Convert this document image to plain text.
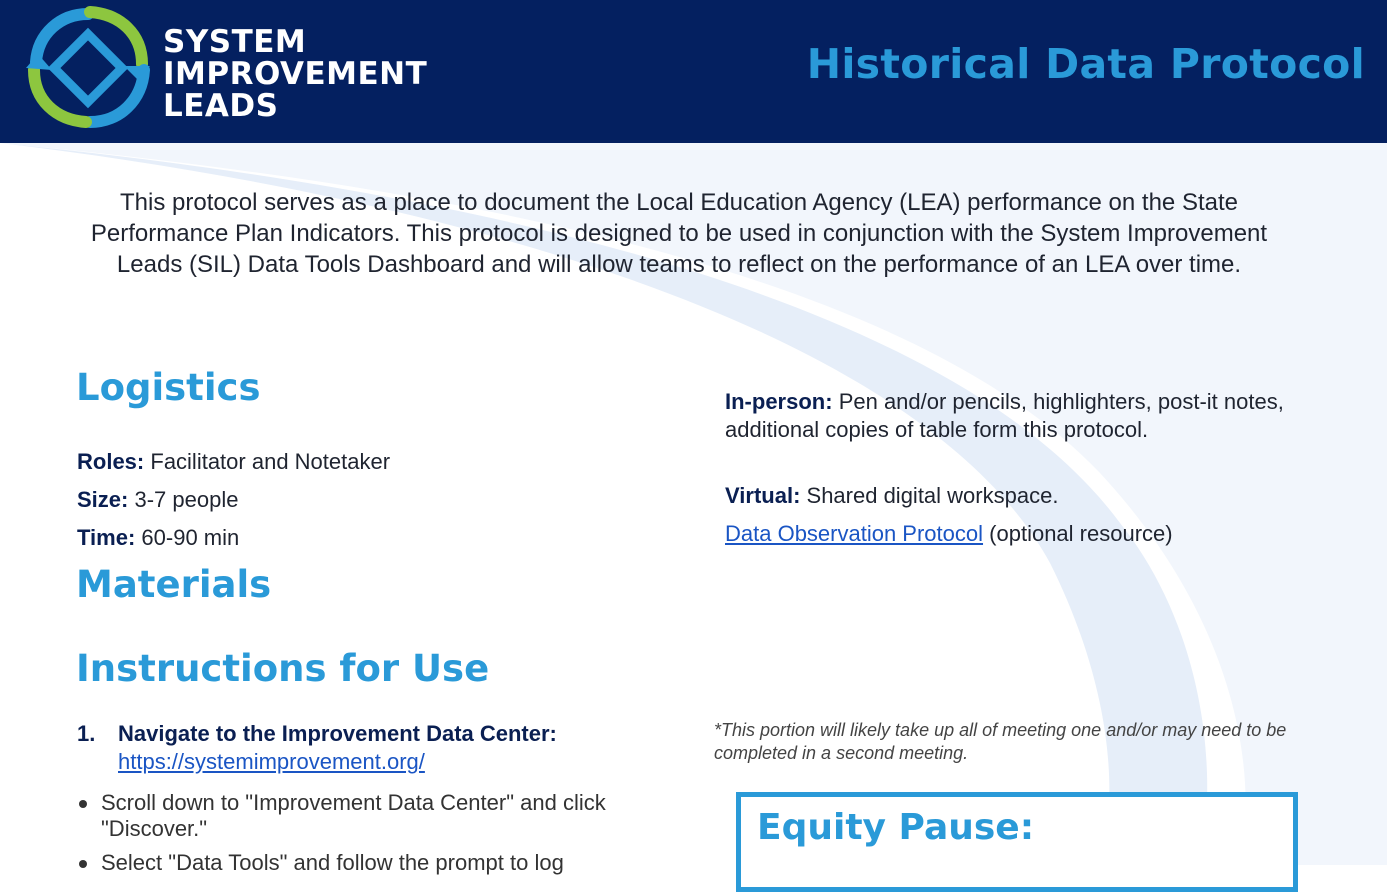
SYSTEM
IMPROVEMENT
LEADS
Historical Data Protocol
This protocol serves as a place to document the Local Education Agency (LEA) performance on the State Performance Plan Indicators. This protocol is designed to be used in conjunction with the System Improvement Leads (SIL) Data Tools Dashboard and will allow teams to reflect on the performance of an LEA over time.
Logistics
Roles: Facilitator and Notetaker
Size: 3-7 people
Time: 60-90 min
Materials
In-person: Pen and/or pencils, highlighters, post-it notes, additional copies of table form this protocol.
Virtual: Shared digital workspace.
Data Observation Protocol (optional resource)
Instructions for Use
1. Navigate to the Improvement Data Center:
https://systemimprovement.org/
Scroll down to "Improvement Data Center" and click "Discover."
Select "Data Tools" and follow the prompt to log
*This portion will likely take up all of meeting one and/or may need to be completed in a second meeting.
Equity Pause:
